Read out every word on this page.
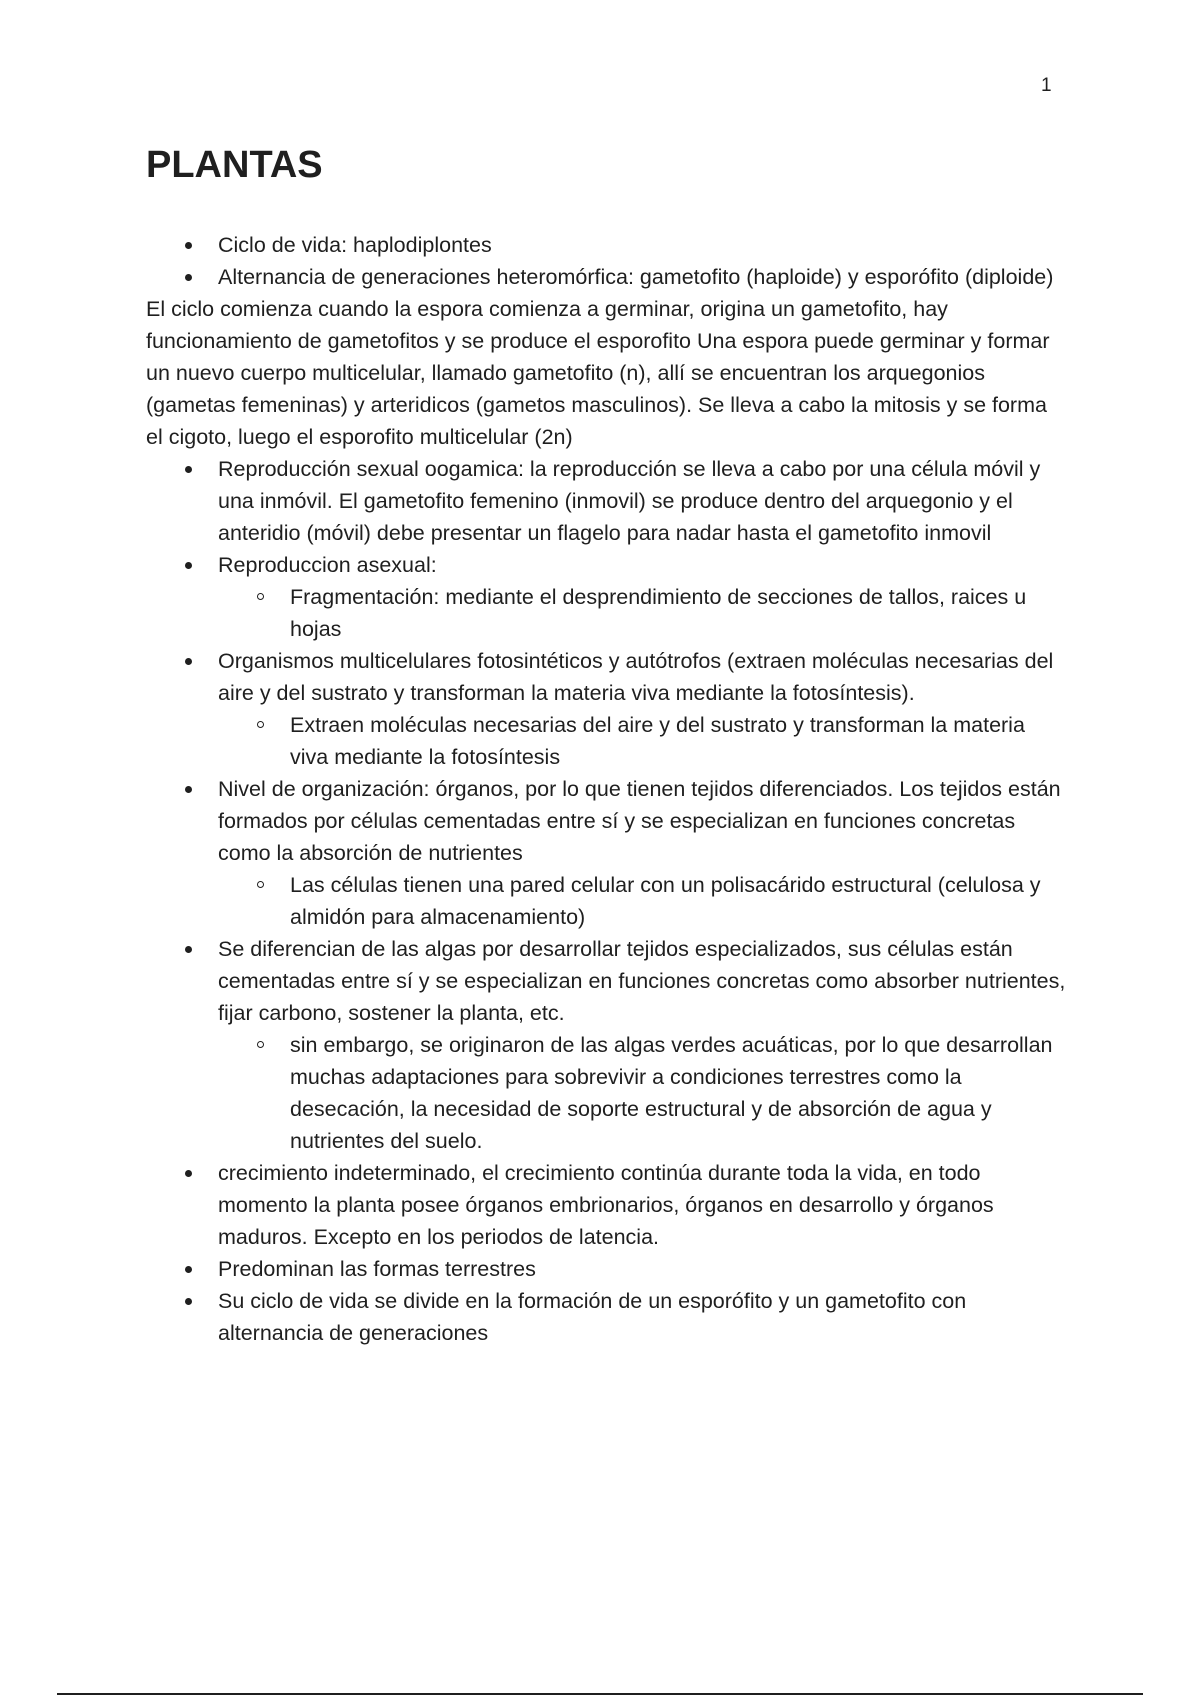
1
PLANTAS
Ciclo de vida: haplodiplontes
Alternancia de generaciones heteromórfica: gametofito (haploide) y esporófito (diploide)

El ciclo comienza cuando la espora comienza a germinar, origina un gametofito, hay funcionamiento de gametofitos y se produce el esporofito Una espora puede germinar y formar un nuevo cuerpo multicelular, llamado gametofito (n), allí se encuentran los arquegonios (gametas femeninas) y arteridicos (gametos masculinos). Se lleva a cabo la mitosis y se forma el cigoto, luego el esporofito multicelular (2n)

Reproducción sexual oogamica: la reproducción se lleva a cabo por una célula móvil y una inmóvil. El gametofito femenino (inmovil) se produce dentro del arquegonio y el anteridio (móvil) debe presentar un flagelo para nadar hasta el gametofito inmovil
Reproduccion asexual:
Fragmentación: mediante el desprendimiento de secciones de tallos, raices u hojas
Organismos multicelulares fotosintéticos y autótrofos (extraen moléculas necesarias del aire y del sustrato y transforman la materia viva mediante la fotosíntesis).
Extraen moléculas necesarias del aire y del sustrato y transforman la materia viva mediante la fotosíntesis
Nivel de organización: órganos, por lo que tienen tejidos diferenciados. Los tejidos están formados por células cementadas entre sí y se especializan en funciones concretas como la absorción de nutrientes
Las células tienen una pared celular con un polisacárido estructural (celulosa y almidón para almacenamiento)
Se diferencian de las algas por desarrollar tejidos especializados, sus células están cementadas entre sí y se especializan en funciones concretas como absorber nutrientes, fijar carbono, sostener la planta, etc.
sin embargo, se originaron de las algas verdes acuáticas, por lo que desarrollan muchas adaptaciones para sobrevivir a condiciones terrestres como la desecación, la necesidad de soporte estructural y de absorción de agua y nutrientes del suelo.
crecimiento indeterminado, el crecimiento continúa durante toda la vida, en todo momento la planta posee órganos embrionarios, órganos en desarrollo y órganos maduros. Excepto en los periodos de latencia.
Predominan las formas terrestres
Su ciclo de vida se divide en la formación de un esporófito y un gametofito con alternancia de generaciones
